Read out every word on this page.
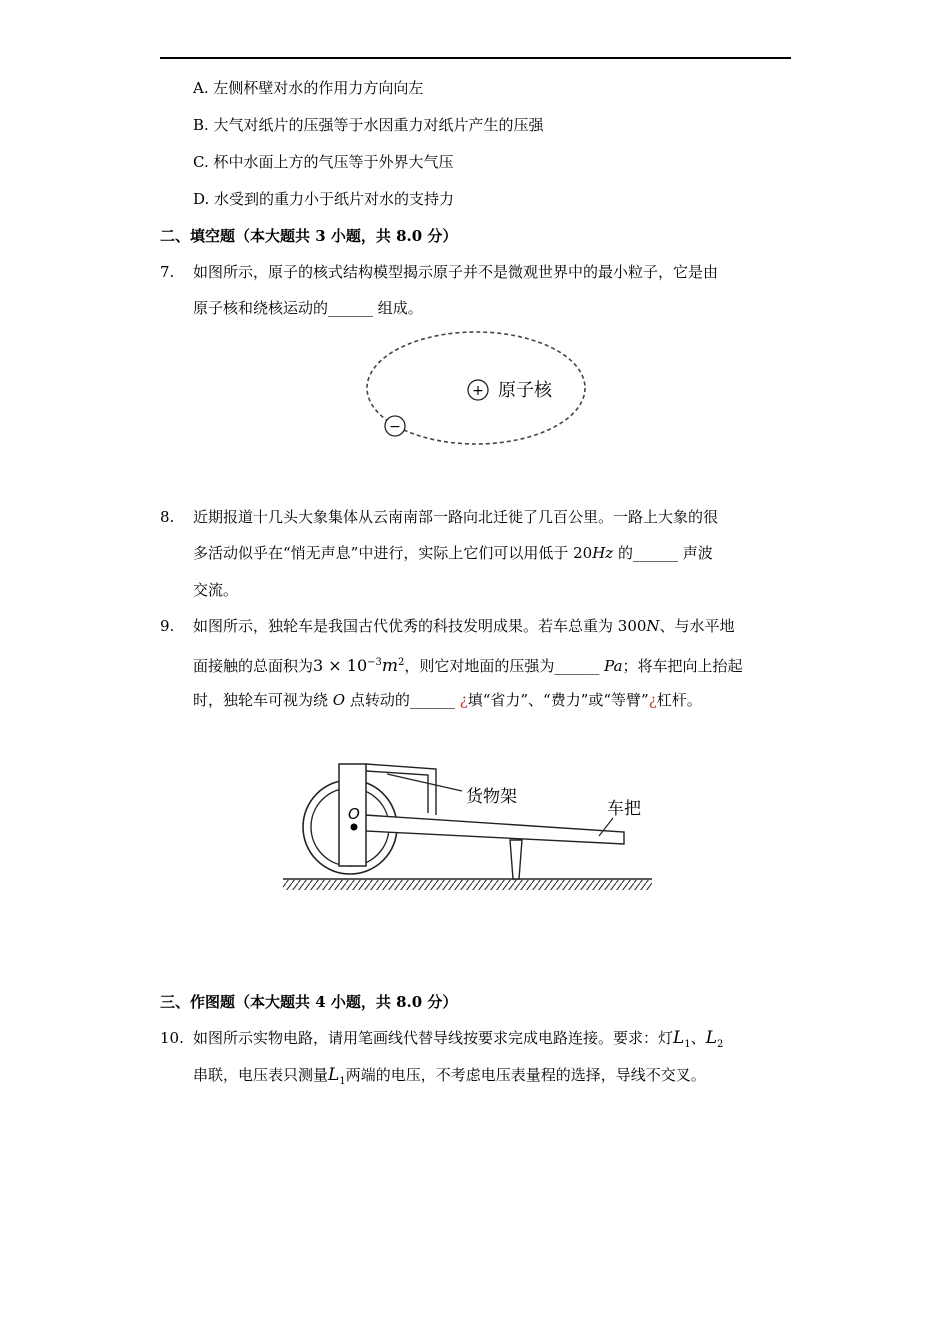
A. 左侧杯壁对水的作用力方向向左
B. 大气对纸片的压强等于水因重力对纸片产生的压强
C. 杯中水面上方的气压等于外界大气压
D. 水受到的重力小于纸片对水的支持力
二、填空题（本大题共 3 小题，共 8.0 分）
7. 如图所示，原子的核式结构模型揭示原子并不是微观世界中的最小粒子，它是由
原子核和绕核运动的______ 组成。
+ 原子核
−
8. 近期报道十几头大象集体从云南南部一路向北迁徙了几百公里。一路上大象的很
多活动似乎在“悄无声息”中进行，实际上它们可以用低于 20Hz 的______ 声波
交流。
9. 如图所示，独轮车是我国古代优秀的科技发明成果。若车总重为 300N、与水平地
面接触的总面积为$3 \times 10^{-3}m^2$，则它对地面的压强为______ Pa；将车把向上抬起
时，独轮车可视为绕 O 点转动的______ ¿填“省力”、“费力”或“等臂”¿杠杆。
O
货物架
车把
三、作图题（本大题共 4 小题，共 8.0 分）
10. 如图所示实物电路，请用笔画线代替导线按要求完成电路连接。要求：灯$L_1$、$L_2$
串联，电压表只测量$L_1$两端的电压，不考虑电压表量程的选择，导线不交叉。
